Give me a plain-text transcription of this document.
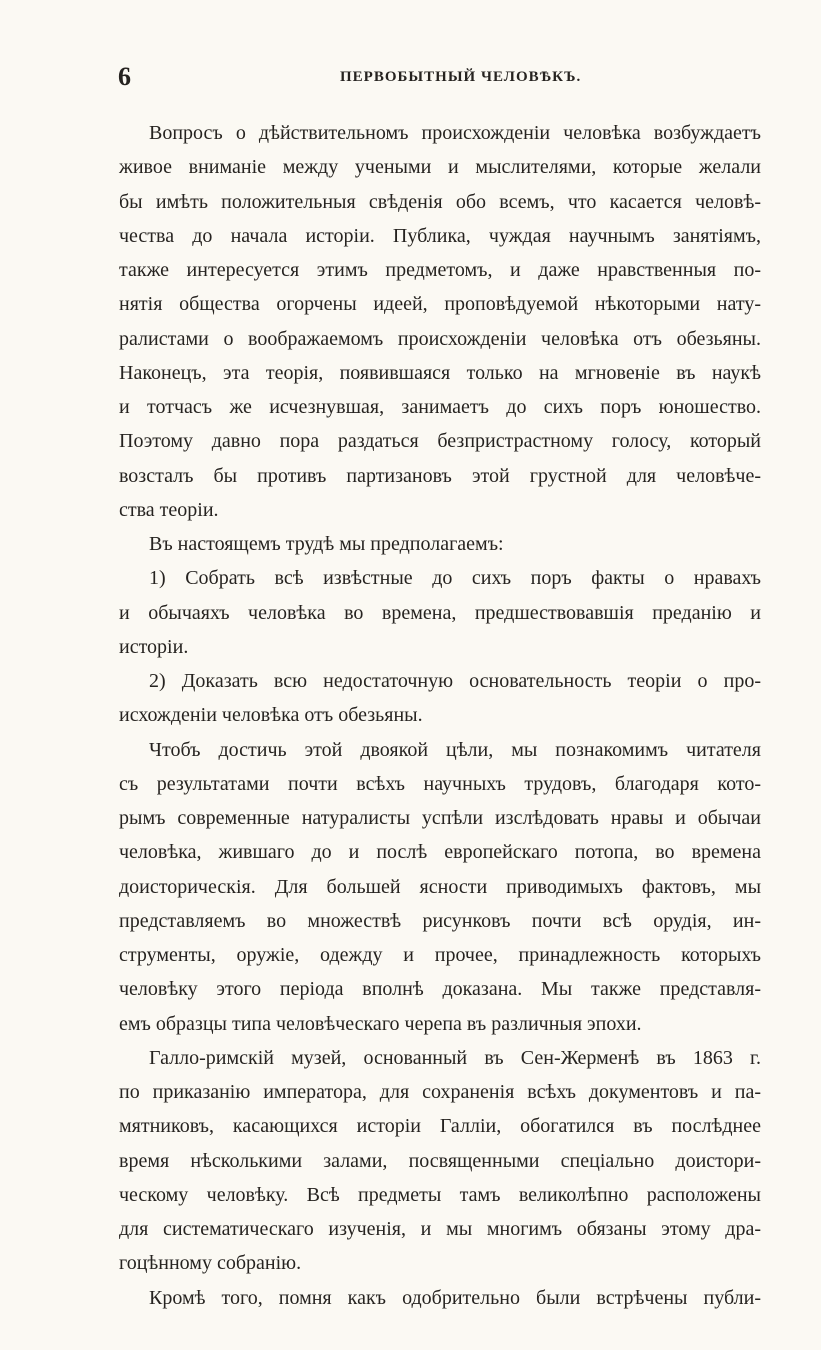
6	ПЕРВОБЫТНЫЙ ЧЕЛОВѢКЪ.
Вопросъ о дѣйствительномъ происхожденіи человѣка возбуждаетъ
живое вниманіе между учеными и мыслителями, которые желали
бы имѣть положительныя свѣденія обо всемъ, что касается человѣ-
чества до начала исторіи. Публика, чуждая научнымъ занятіямъ,
также интересуется этимъ предметомъ, и даже нравственныя по-
нятія общества огорчены идеей, проповѣдуемой нѣкоторыми нату-
ралистами о воображаемомъ происхожденіи человѣка отъ обезьяны.
Наконецъ, эта теорія, появившаяся только на мгновеніе въ наукѣ
и тотчасъ же исчезнувшая, занимаетъ до сихъ поръ юношество.
Поэтому давно пора раздаться безпристрастному голосу, который
возсталъ бы противъ партизановъ этой грустной для человѣче-
ства теоріи.
Въ настоящемъ трудѣ мы предполагаемъ:
1) Собрать всѣ извѣстные до сихъ поръ факты о нравахъ
и обычаяхъ человѣка во времена, предшествовавшія преданію и
исторіи.
2) Доказать всю недостаточную основательность теоріи о про-
исхожденіи человѣка отъ обезьяны.
Чтобъ достичь этой двоякой цѣли, мы познакомимъ читателя
съ результатами почти всѣхъ научныхъ трудовъ, благодаря кото-
рымъ современные натуралисты успѣли изслѣдовать нравы и обычаи
человѣка, жившаго до и послѣ европейскаго потопа, во времена
доисторическія. Для большей ясности приводимыхъ фактовъ, мы
представляемъ во множествѣ рисунковъ почти всѣ орудія, ин-
струменты, оружіе, одежду и прочее, принадлежность которыхъ
человѣку этого періода вполнѣ доказана. Мы также представля-
емъ образцы типа человѣческаго черепа въ различныя эпохи.
Галло-римскій музей, основанный въ Сен-Жерменѣ въ 1863 г.
по приказанію императора, для сохраненія всѣхъ документовъ и па-
мятниковъ, касающихся исторіи Галліи, обогатился въ послѣднее
время нѣсколькими залами, посвященными спеціально доистори-
ческому человѣку. Всѣ предметы тамъ великолѣпно расположены
для систематическаго изученія, и мы многимъ обязаны этому дра-
гоцѣнному собранію.
Кромѣ того, помня какъ одобрительно были встрѣчены публи-
